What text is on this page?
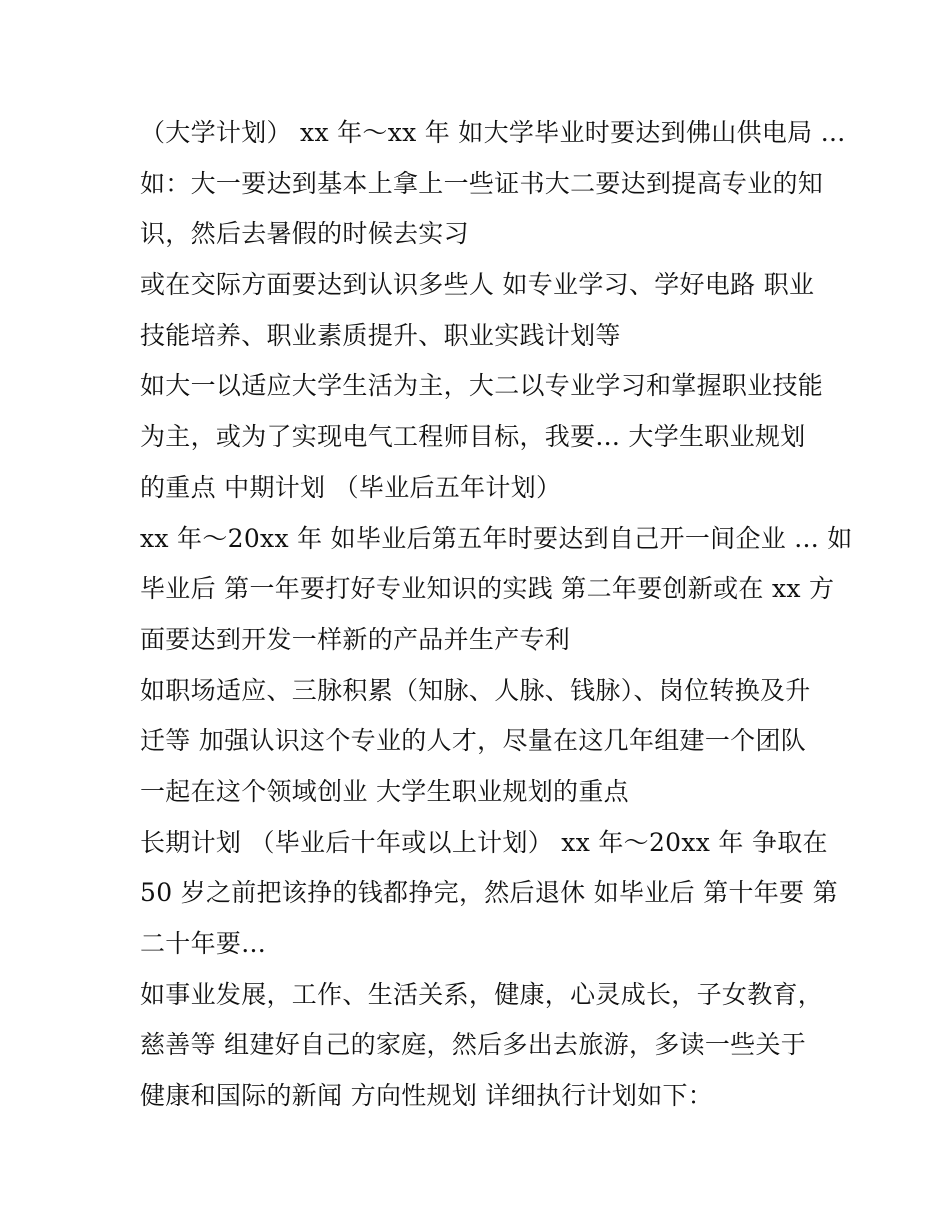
（大学计划） xx 年～xx 年 如大学毕业时要达到佛山供电局 ...
如：大一要达到基本上拿上一些证书大二要达到提高专业的知
识，然后去暑假的时候去实习
或在交际方面要达到认识多些人 如专业学习、学好电路 职业
技能培养、职业素质提升、职业实践计划等
如大一以适应大学生活为主，大二以专业学习和掌握职业技能
为主，或为了实现电气工程师目标，我要... 大学生职业规划
的重点 中期计划 （毕业后五年计划）
xx 年～20xx 年 如毕业后第五年时要达到自己开一间企业 ... 如
毕业后 第一年要打好专业知识的实践 第二年要创新或在 xx 方
面要达到开发一样新的产品并生产专利
如职场适应、三脉积累（知脉、人脉、钱脉）、岗位转换及升
迁等 加强认识这个专业的人才，尽量在这几年组建一个团队
一起在这个领域创业 大学生职业规划的重点
长期计划 （毕业后十年或以上计划） xx 年～20xx 年 争取在
50 岁之前把该挣的钱都挣完，然后退休 如毕业后 第十年要 第
二十年要...
如事业发展，工作、生活关系，健康，心灵成长，子女教育，
慈善等 组建好自己的家庭，然后多出去旅游，多读一些关于
健康和国际的新闻 方向性规划 详细执行计划如下：
